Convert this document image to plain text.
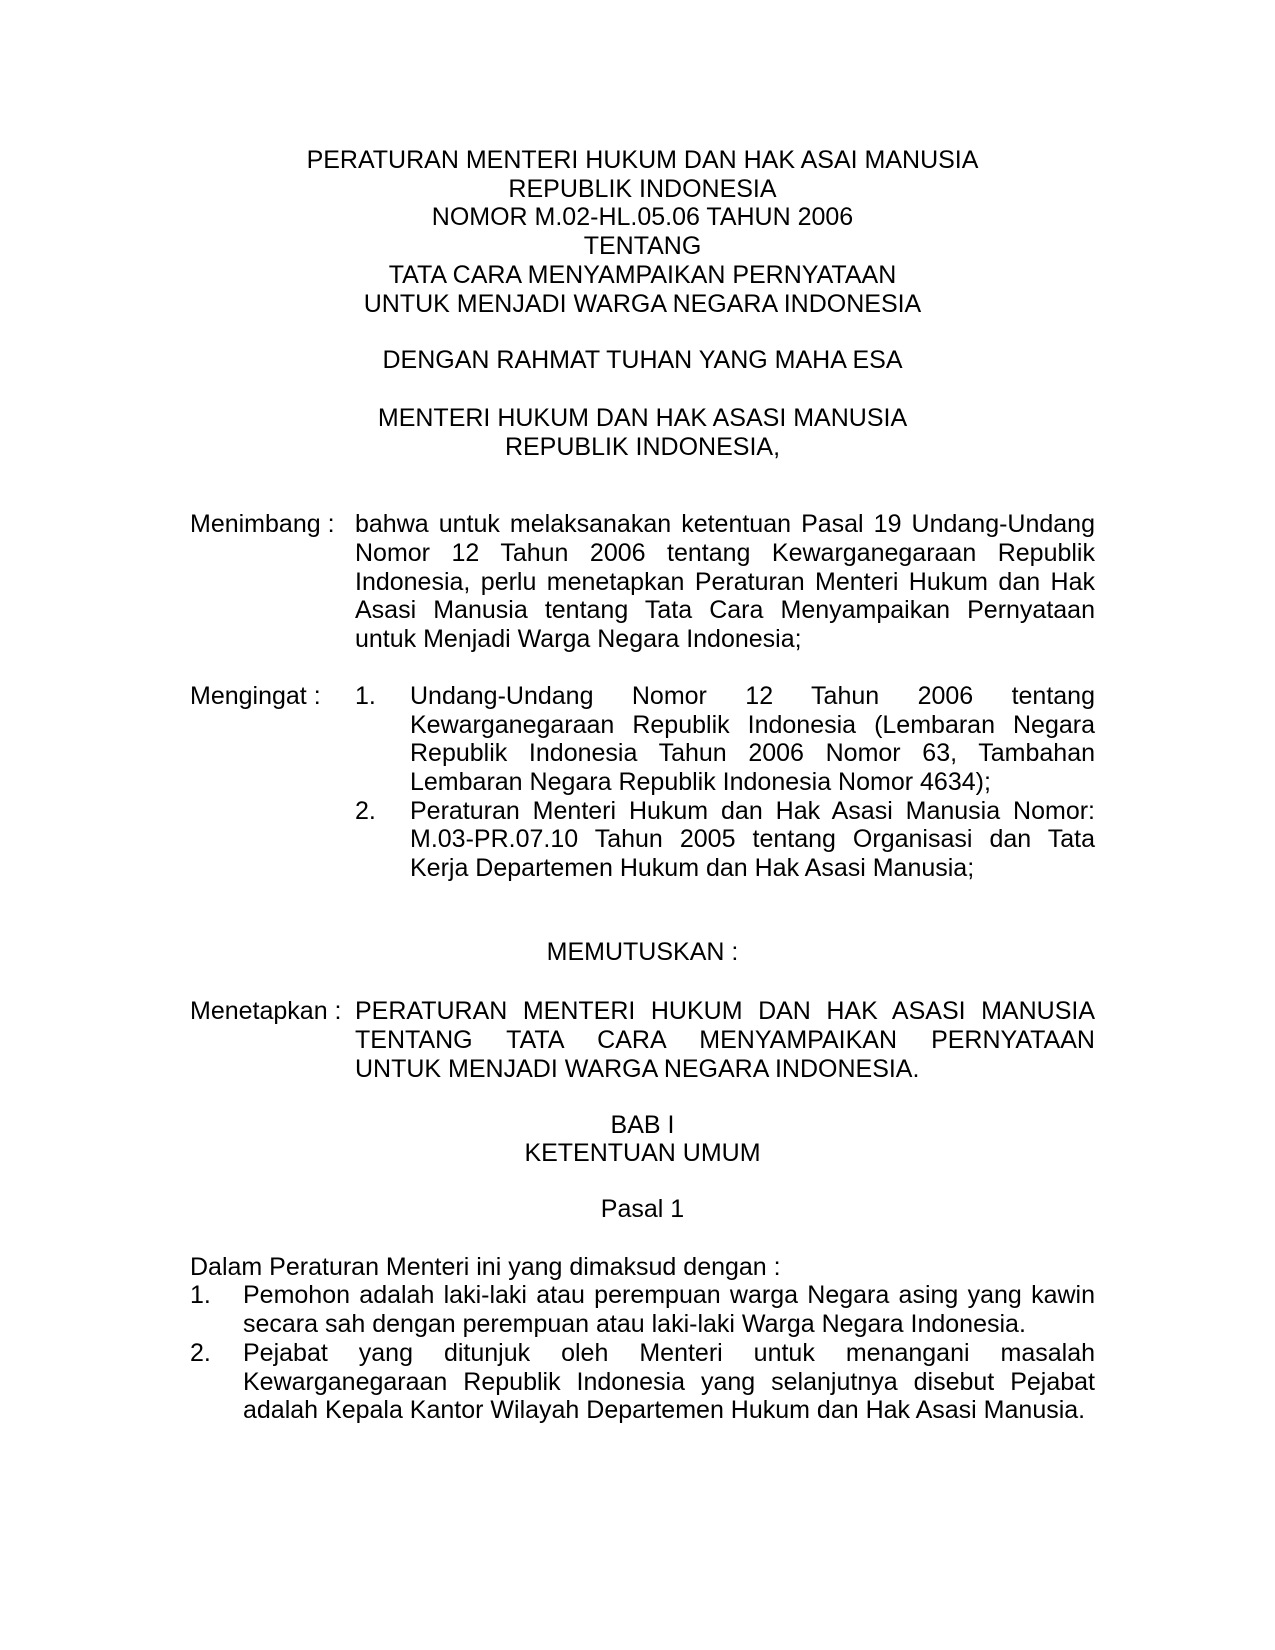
PERATURAN MENTERI HUKUM DAN HAK ASAI MANUSIA
REPUBLIK INDONESIA
NOMOR M.02-HL.05.06 TAHUN 2006
TENTANG
TATA CARA MENYAMPAIKAN PERNYATAAN
UNTUK MENJADI WARGA NEGARA INDONESIA
DENGAN RAHMAT TUHAN YANG MAHA ESA
MENTERI HUKUM DAN HAK ASASI MANUSIA
REPUBLIK INDONESIA,
Menimbang : bahwa untuk melaksanakan ketentuan Pasal 19 Undang-Undang
Nomor 12 Tahun 2006 tentang Kewarganegaraan Republik
Indonesia, perlu menetapkan Peraturan Menteri Hukum dan Hak
Asasi Manusia tentang Tata Cara Menyampaikan Pernyataan
untuk Menjadi Warga Negara Indonesia;
Mengingat :	1.	Undang-Undang Nomor 12 Tahun 2006 tentang
Kewarganegaraan Republik Indonesia (Lembaran Negara
Republik Indonesia Tahun 2006 Nomor 63, Tambahan
Lembaran Negara Republik Indonesia Nomor 4634);
2.	Peraturan Menteri Hukum dan Hak Asasi Manusia Nomor:
M.03-PR.07.10 Tahun 2005 tentang Organisasi dan Tata
Kerja Departemen Hukum dan Hak Asasi Manusia;
MEMUTUSKAN :
Menetapkan : PERATURAN MENTERI HUKUM DAN HAK ASASI MANUSIA
TENTANG TATA CARA MENYAMPAIKAN PERNYATAAN
UNTUK MENJADI WARGA NEGARA INDONESIA.
BAB I
KETENTUAN UMUM
Pasal 1
Dalam Peraturan Menteri ini yang dimaksud dengan :
1.	Pemohon adalah laki-laki atau perempuan warga Negara asing yang kawin
secara sah dengan perempuan atau laki-laki Warga Negara Indonesia.
2.	Pejabat yang ditunjuk oleh Menteri untuk menangani masalah
Kewarganegaraan Republik Indonesia yang selanjutnya disebut Pejabat
adalah Kepala Kantor Wilayah Departemen Hukum dan Hak Asasi Manusia.
